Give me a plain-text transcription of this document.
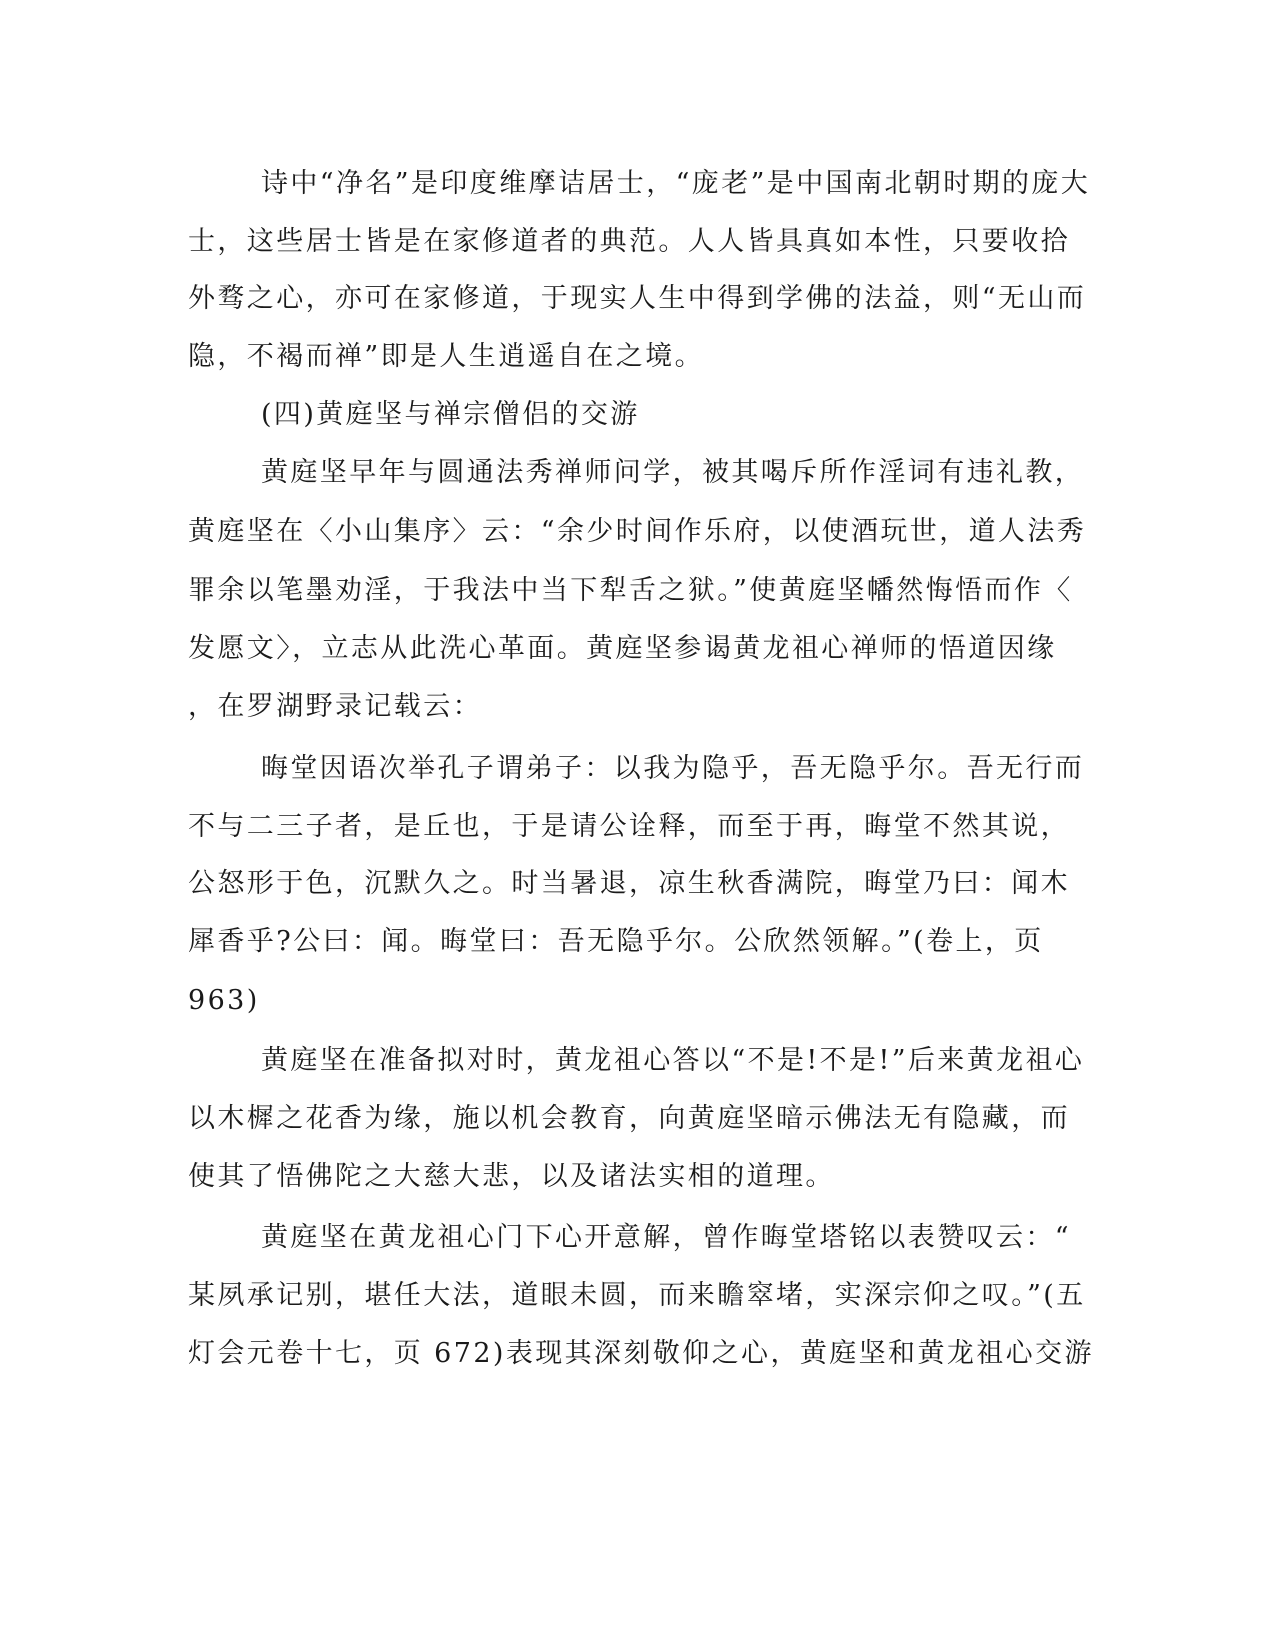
诗中“净名”是印度维摩诘居士，“庞老”是中国南北朝时期的庞大
士，这些居士皆是在家修道者的典范。人人皆具真如本性，只要收拾
外骛之心，亦可在家修道，于现实人生中得到学佛的法益，则“无山而
隐，不褐而禅”即是人生逍遥自在之境。
(四)黄庭坚与禅宗僧侣的交游
黄庭坚早年与圆通法秀禅师问学，被其喝斥所作淫词有违礼教，
黄庭坚在〈小山集序〉云：“余少时间作乐府，以使酒玩世，道人法秀
罪余以笔墨劝淫，于我法中当下犁舌之狱。”使黄庭坚幡然悔悟而作〈
发愿文〉，立志从此洗心革面。黄庭坚参谒黄龙祖心禅师的悟道因缘
，在罗湖野录记载云：
晦堂因语次举孔子谓弟子：以我为隐乎，吾无隐乎尔。吾无行而
不与二三子者，是丘也，于是请公诠释，而至于再，晦堂不然其说，
公怒形于色，沉默久之。时当暑退，凉生秋香满院，晦堂乃曰：闻木
犀香乎?公曰：闻。晦堂曰：吾无隐乎尔。公欣然领解。”(卷上，页
963)
黄庭坚在准备拟对时，黄龙祖心答以“不是!不是!”后来黄龙祖心
以木樨之花香为缘，施以机会教育，向黄庭坚暗示佛法无有隐藏，而
使其了悟佛陀之大慈大悲，以及诸法实相的道理。
黄庭坚在黄龙祖心门下心开意解，曾作晦堂塔铭以表赞叹云：“
某夙承记别，堪任大法，道眼未圆，而来瞻窣堵，实深宗仰之叹。”(五
灯会元卷十七，页 672)表现其深刻敬仰之心，黄庭坚和黄龙祖心交游
